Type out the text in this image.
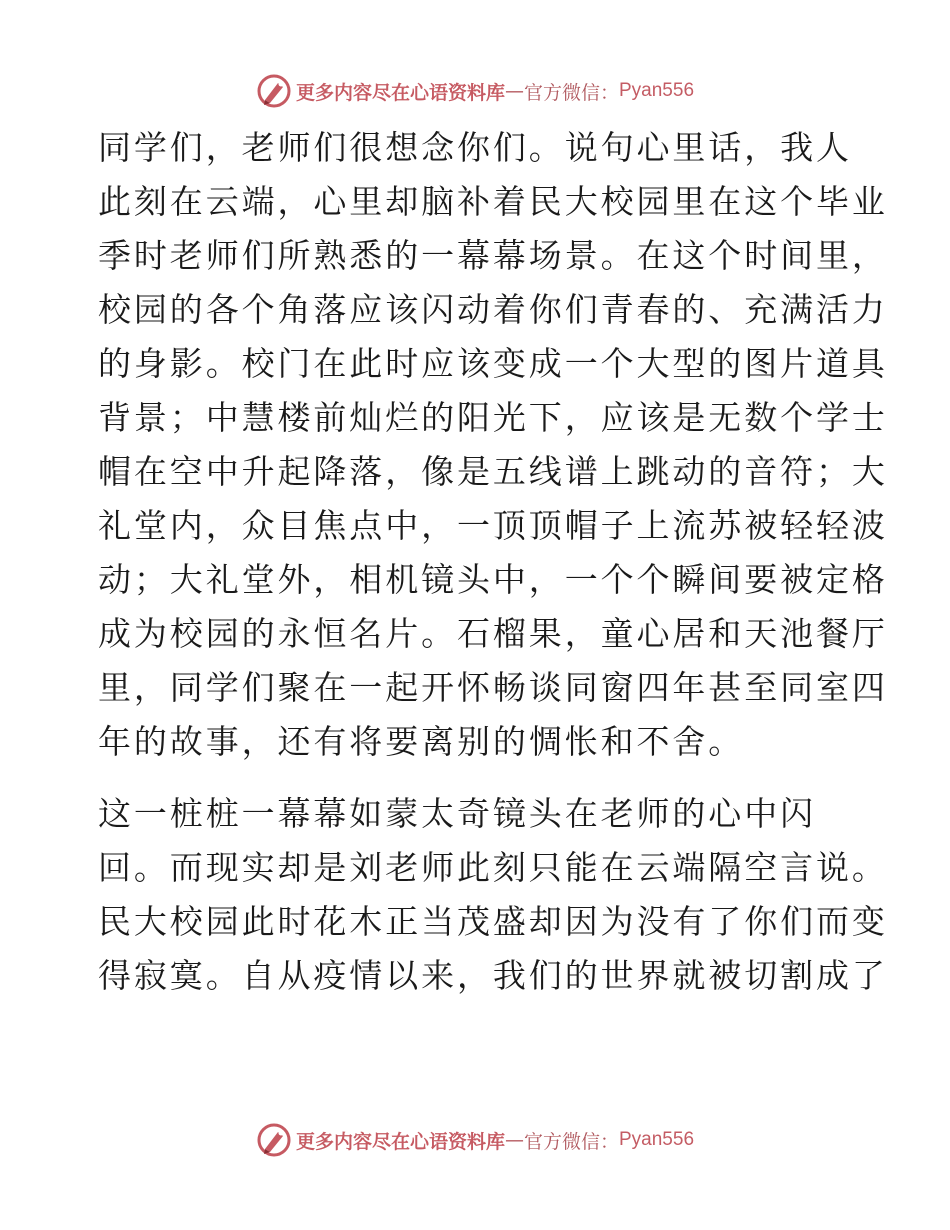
更多内容尽在心语资料库 — 官方微信： Pyan556

同学们，老师们很想念你们。说句心里话，我人
此刻在云端，心里却脑补着民大校园里在这个毕业
季时老师们所熟悉的一幕幕场景。在这个时间里，
校园的各个角落应该闪动着你们青春的、充满活力
的身影。校门在此时应该变成一个大型的图片道具
背景；中慧楼前灿烂的阳光下，应该是无数个学士
帽在空中升起降落，像是五线谱上跳动的音符；大
礼堂内，众目焦点中，一顶顶帽子上流苏被轻轻波
动；大礼堂外，相机镜头中，一个个瞬间要被定格
成为校园的永恒名片。石榴果，童心居和天池餐厅
里，同学们聚在一起开怀畅谈同窗四年甚至同室四
年的故事，还有将要离别的惆怅和不舍。

这一桩桩一幕幕如蒙太奇镜头在老师的心中闪
回。而现实却是刘老师此刻只能在云端隔空言说。
民大校园此时花木正当茂盛却因为没有了你们而变
得寂寞。自从疫情以来，我们的世界就被切割成了

更多内容尽在心语资料库 — 官方微信： Pyan556
